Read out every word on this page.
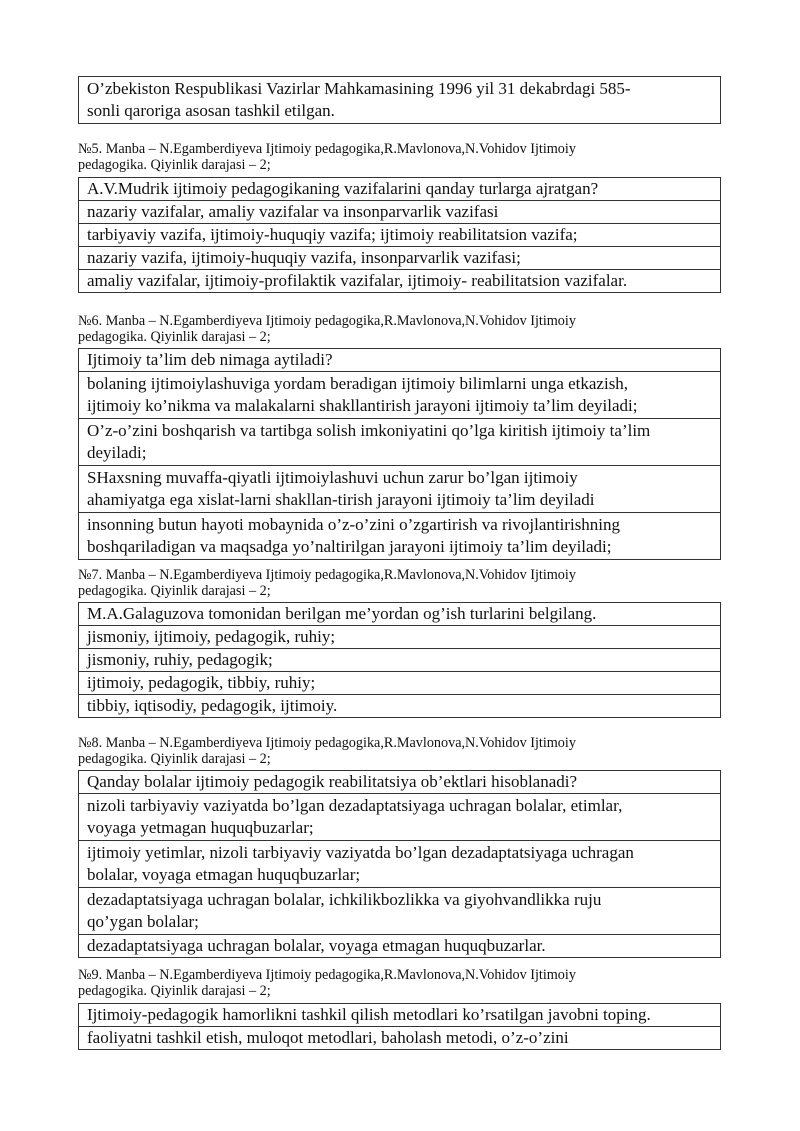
O’zbekiston Respublikasi Vazirlar Mahkamasining 1996 yil 31 dekabrdagi 585-
sonli qaroriga asosan tashkil etilgan.
№5. Manba – N.Egamberdiyeva Ijtimoiy pedagogika,R.Mavlonova,N.Vohidov Ijtimoiy
pedagogika. Qiyinlik darajasi – 2;
A.V.Mudrik ijtimoiy pedagogikaning vazifalarini qanday turlarga ajratgan?
nazariy vazifalar, amaliy vazifalar va insonparvarlik vazifasi
tarbiyaviy vazifa, ijtimoiy-huquqiy vazifa; ijtimoiy reabilitatsion vazifa;
nazariy vazifa, ijtimoiy-huquqiy vazifa, insonparvarlik vazifasi;
amaliy vazifalar, ijtimoiy-profilaktik vazifalar, ijtimoiy- reabilitatsion vazifalar.
№6. Manba – N.Egamberdiyeva Ijtimoiy pedagogika,R.Mavlonova,N.Vohidov Ijtimoiy
pedagogika. Qiyinlik darajasi – 2;
Ijtimoiy ta’lim deb nimaga aytiladi?
bolaning ijtimoiylashuviga yordam beradigan ijtimoiy bilimlarni unga etkazish,
ijtimoiy ko’nikma va malakalarni shakllantirish jarayoni ijtimoiy ta’lim deyiladi;
O’z-o’zini boshqarish va tartibga solish imkoniyatini qo’lga kiritish ijtimoiy ta’lim
deyiladi;
SHaxsning muvaffa-qiyatli ijtimoiylashuvi uchun zarur bo’lgan ijtimoiy
ahamiyatga ega xislat-larni shakllan-tirish jarayoni ijtimoiy ta’lim deyiladi
insonning butun hayoti mobaynida o’z-o’zini o’zgartirish va rivojlantirishning
boshqariladigan va maqsadga yo’naltirilgan jarayoni ijtimoiy ta’lim deyiladi;
№7. Manba – N.Egamberdiyeva Ijtimoiy pedagogika,R.Mavlonova,N.Vohidov Ijtimoiy
pedagogika. Qiyinlik darajasi – 2;
M.A.Galaguzova tomonidan berilgan me’yordan og’ish turlarini belgilang.
jismoniy, ijtimoiy, pedagogik, ruhiy;
jismoniy, ruhiy, pedagogik;
ijtimoiy, pedagogik, tibbiy, ruhiy;
tibbiy, iqtisodiy, pedagogik, ijtimoiy.
№8. Manba – N.Egamberdiyeva Ijtimoiy pedagogika,R.Mavlonova,N.Vohidov Ijtimoiy
pedagogika. Qiyinlik darajasi – 2;
Qanday bolalar ijtimoiy pedagogik reabilitatsiya ob’ektlari hisoblanadi?
nizoli tarbiyaviy vaziyatda bo’lgan dezadaptatsiyaga uchragan bolalar, etimlar,
voyaga yetmagan huquqbuzarlar;
ijtimoiy yetimlar, nizoli tarbiyaviy vaziyatda bo’lgan dezadaptatsiyaga uchragan
bolalar, voyaga etmagan huquqbuzarlar;
dezadaptatsiyaga uchragan bolalar, ichkilikbozlikka va giyohvandlikka ruju
qo’ygan bolalar;
dezadaptatsiyaga uchragan bolalar, voyaga etmagan huquqbuzarlar.
№9. Manba – N.Egamberdiyeva Ijtimoiy pedagogika,R.Mavlonova,N.Vohidov Ijtimoiy
pedagogika. Qiyinlik darajasi – 2;
Ijtimoiy-pedagogik hamorlikni tashkil qilish metodlari ko’rsatilgan javobni toping.
faoliyatni tashkil etish, muloqot metodlari, baholash metodi, o’z-o’zini
